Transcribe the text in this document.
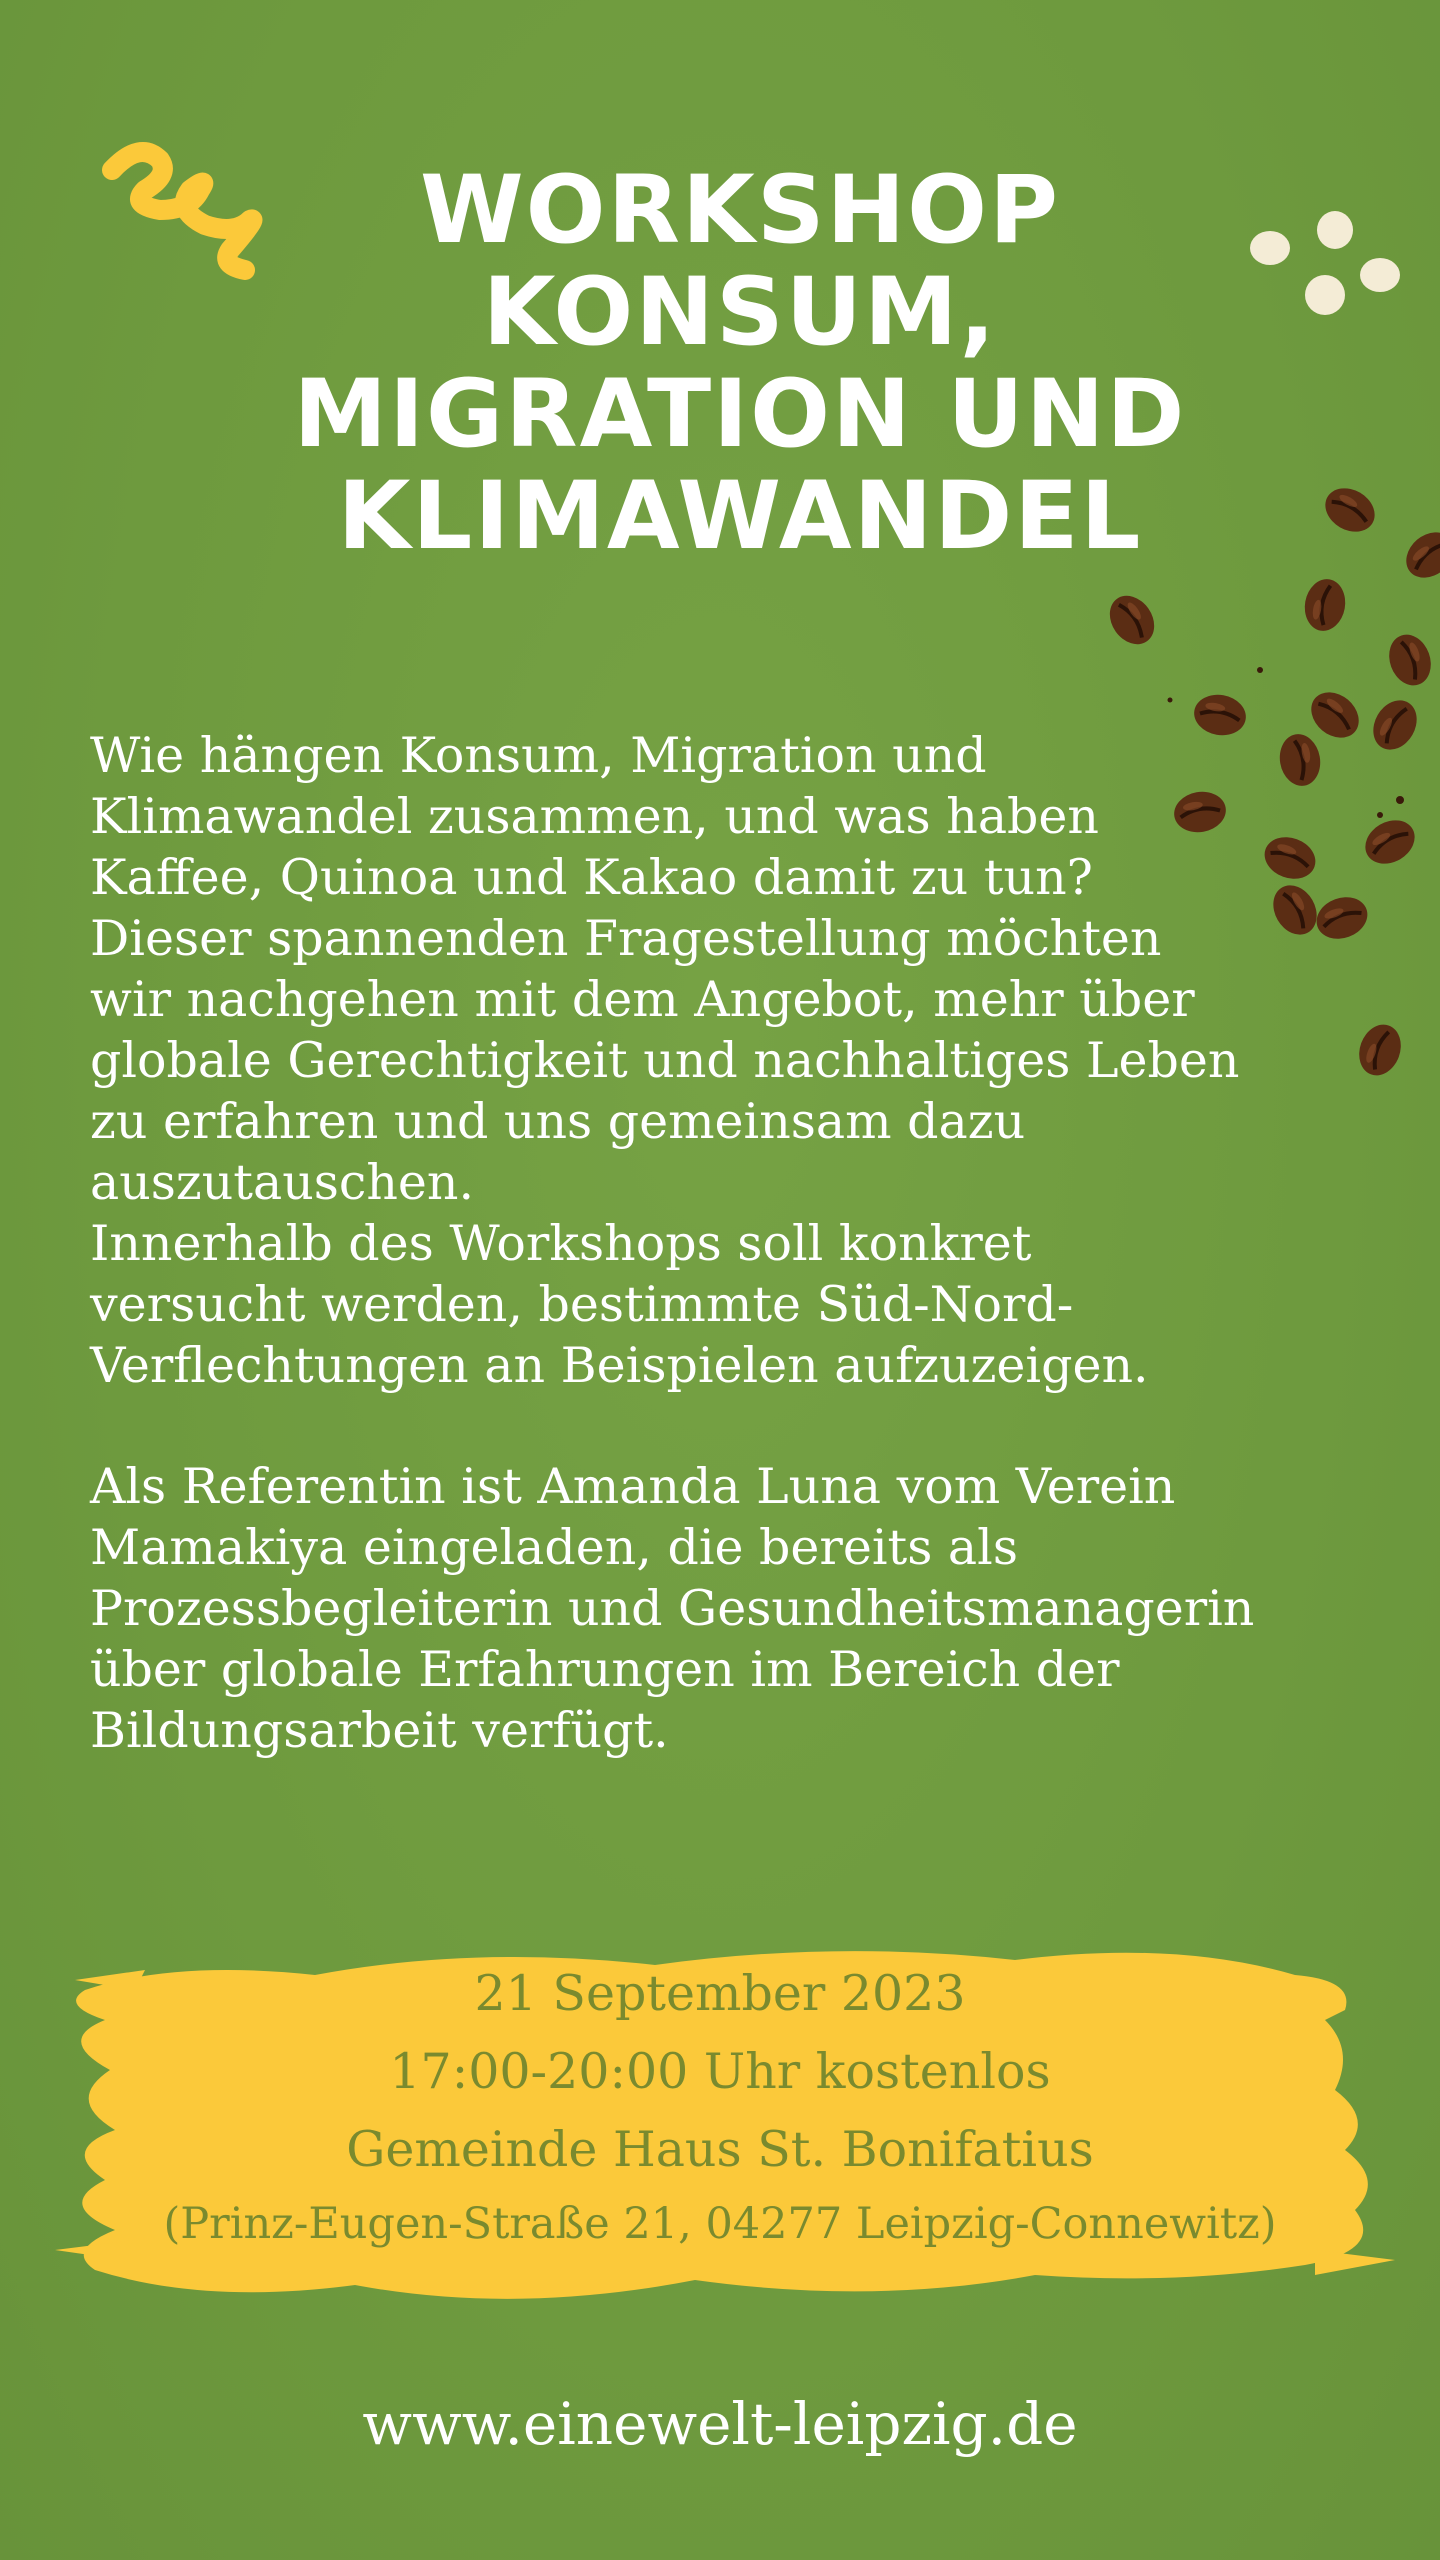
WORKSHOP
KONSUM,
MIGRATION UND
KLIMAWANDEL

Wie hängen Konsum, Migration und
Klimawandel zusammen, und was haben
Kaffee, Quinoa und Kakao damit zu tun?
Dieser spannenden Fragestellung möchten
wir nachgehen mit dem Angebot, mehr über
globale Gerechtigkeit und nachhaltiges Leben
zu erfahren und uns gemeinsam dazu
auszutauschen.
Innerhalb des Workshops soll konkret
versucht werden, bestimmte Süd-Nord-
Verflechtungen an Beispielen aufzuzeigen.

Als Referentin ist Amanda Luna vom Verein
Mamakiya eingeladen, die bereits als
Prozessbegleiterin und Gesundheitsmanagerin
über globale Erfahrungen im Bereich der
Bildungsarbeit verfügt.

21 September 2023
17:00-20:00 Uhr kostenlos
Gemeinde Haus St. Bonifatius
(Prinz-Eugen-Straße 21, 04277 Leipzig-Connewitz)
www.einewelt-leipzig.de
